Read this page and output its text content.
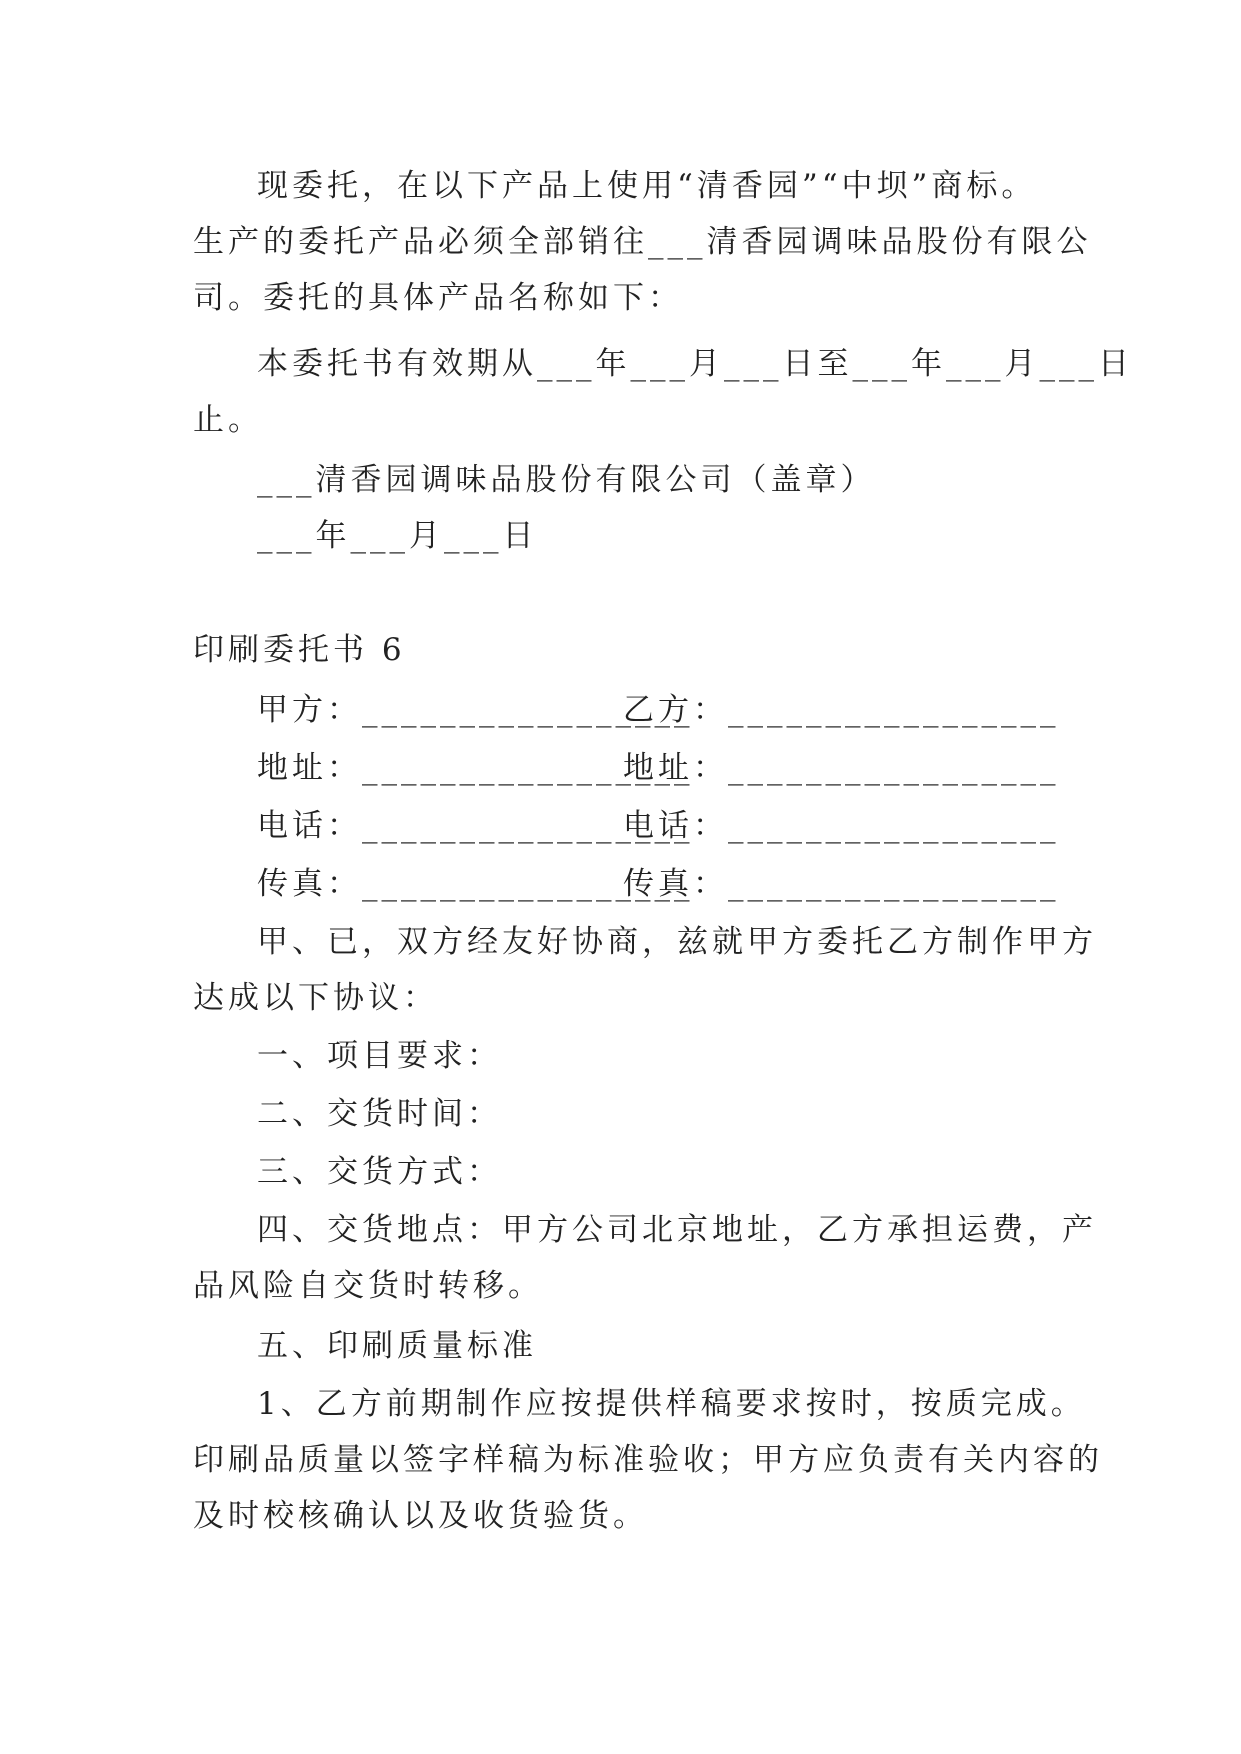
现委托，在以下产品上使用“清香园”“中坝”商标。
生产的委托产品必须全部销往___清香园调味品股份有限公
司。委托的具体产品名称如下：
本委托书有效期从___年___月___日至___年___月___日
止。
___清香园调味品股份有限公司（盖章）
___年___月___日
印刷委托书 6
甲方：_________________
乙方：_________________
地址：_________________
地址：_________________
电话：_________________
电话：_________________
传真：_________________
传真：_________________
甲、已，双方经友好协商，兹就甲方委托乙方制作甲方
达成以下协议：
一、项目要求：
二、交货时间：
三、交货方式：
四、交货地点：甲方公司北京地址，乙方承担运费，产
品风险自交货时转移。
五、印刷质量标准
1、乙方前期制作应按提供样稿要求按时，按质完成。
印刷品质量以签字样稿为标准验收；甲方应负责有关内容的
及时校核确认以及收货验货。
